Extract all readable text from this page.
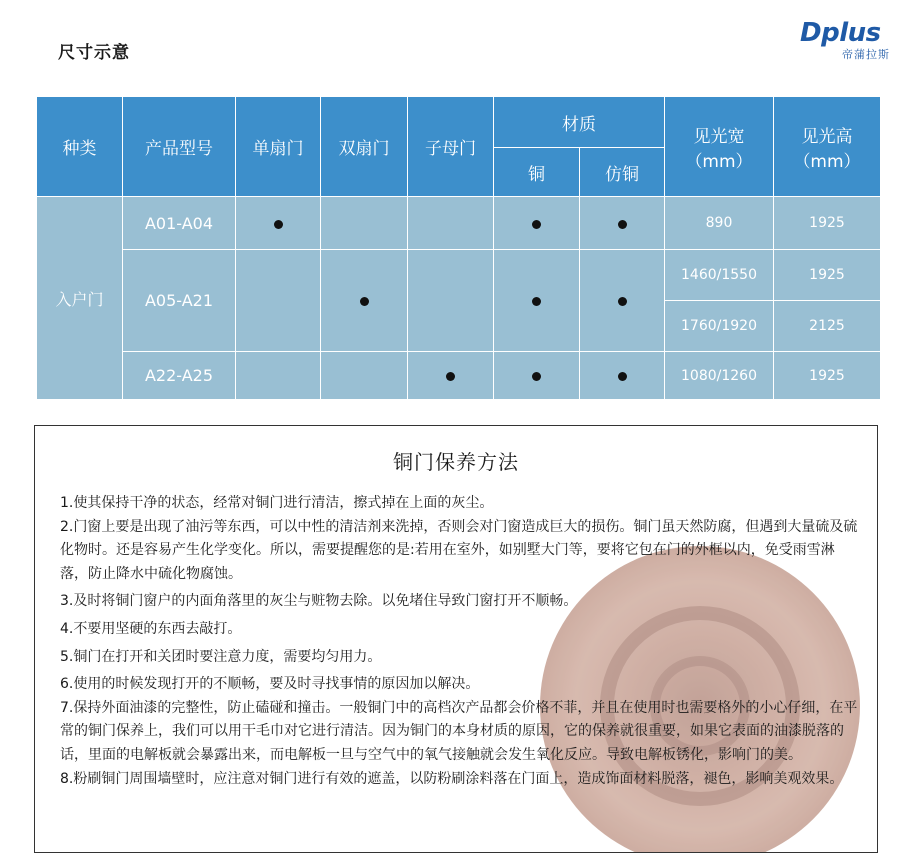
尺寸示意
Dplus
帝蒲拉斯
种类	产品型号	单扇门	双扇门	子母门	材质		见光宽（mm）	见光高（mm）
					铜	仿铜		
入户门	A01-A04						890	1925
	A05-A21						1460/1550	1925
							1760/1920	2125
	A22-A25						1080/1260	1925
铜门保养方法

1.使其保持干净的状态，经常对铜门进行清洁，擦式掉在上面的灰尘。

2.门窗上要是出现了油污等东西，可以中性的清洁剂来洗掉，否则会对门窗造成巨大的损伤。铜门虽天然防腐，但遇到大量硫及硫化物时。还是容易产生化学变化。所以，需要提醒您的是:若用在室外，如别墅大门等，要将它包在门的外框以内，免受雨雪淋落，防止降水中硫化物腐蚀。

3.及时将铜门窗户的内面角落里的灰尘与赃物去除。以免堵住导致门窗打开不顺畅。

4.不要用坚硬的东西去敲打。

5.铜门在打开和关团时要注意力度，需要均匀用力。

6.使用的时候发现打开的不顺畅，要及时寻找事情的原因加以解决。

7.保持外面油漆的完整性，防止磕碰和撞击。一般铜门中的高档次产品都会价格不菲，并且在使用时也需要格外的小心仔细，在平常的铜门保养上，我们可以用干毛巾对它进行清洁。因为铜门的本身材质的原因，它的保养就很重要，如果它表面的油漆脱落的话，里面的电解板就会暴露出来，而电解板一旦与空气中的氧气接触就会发生氧化反应。导致电解板锈化，影响门的美。

8.粉刷铜门周围墙壁时，应注意对铜门进行有效的遮盖，以防粉刷涂料落在门面上，造成饰面材料脱落，褪色，影响美观效果。
